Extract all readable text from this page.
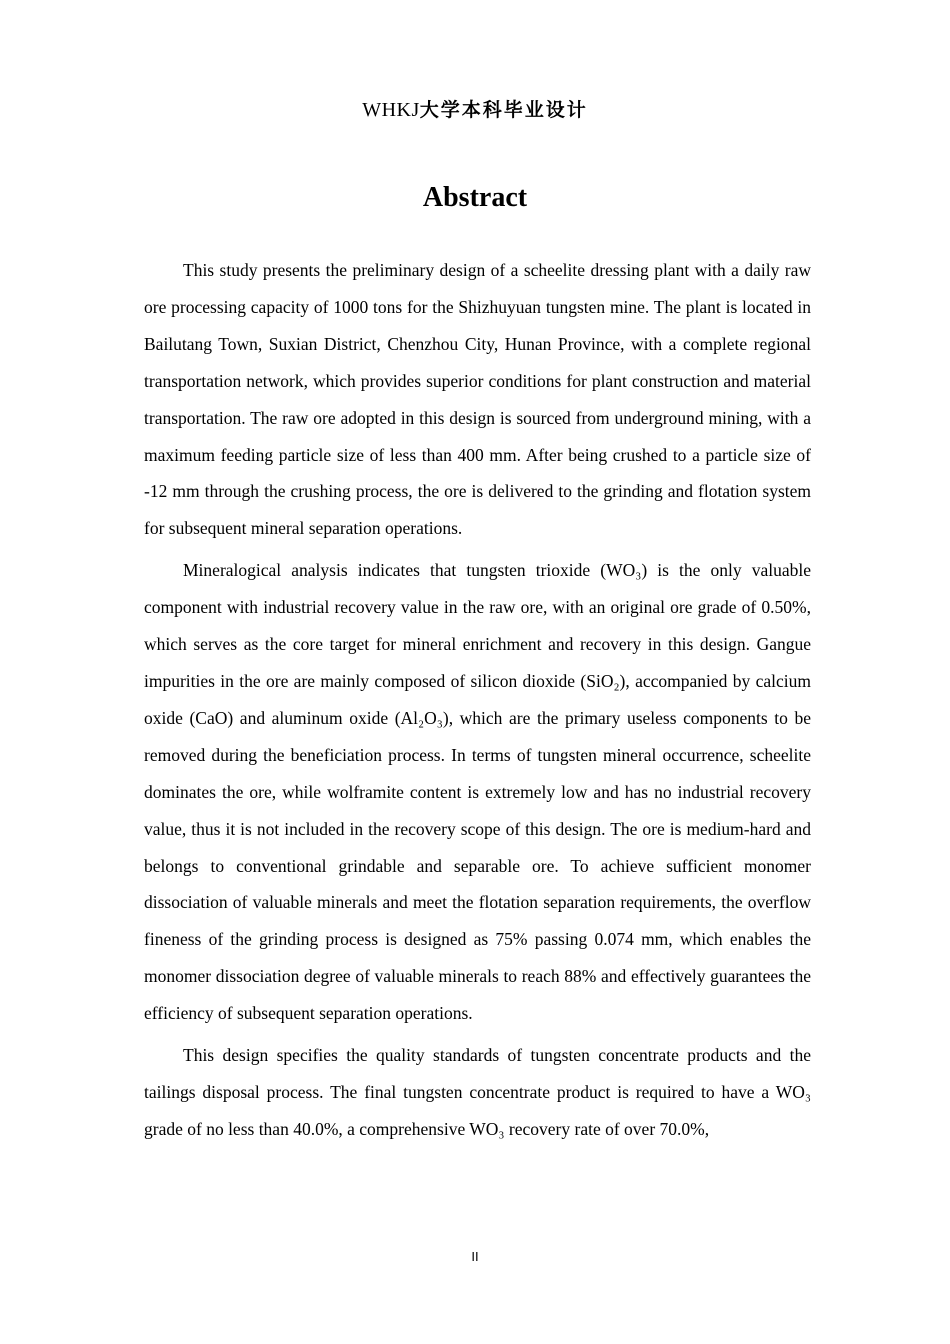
WHKJ大学本科毕业设计
Abstract

This study presents the preliminary design of a scheelite dressing plant with a daily raw ore processing capacity of 1000 tons for the Shizhuyuan tungsten mine. The plant is located in Bailutang Town, Suxian District, Chenzhou City, Hunan Province, with a complete regional transportation network, which provides superior conditions for plant construction and material transportation. The raw ore adopted in this design is sourced from underground mining, with a maximum feeding particle size of less than 400 mm. After being crushed to a particle size of -12 mm through the crushing process, the ore is delivered to the grinding and flotation system for subsequent mineral separation operations.

Mineralogical analysis indicates that tungsten trioxide (WO₃) is the only valuable component with industrial recovery value in the raw ore, with an original ore grade of 0.50%, which serves as the core target for mineral enrichment and recovery in this design. Gangue impurities in the ore are mainly composed of silicon dioxide (SiO₂), accompanied by calcium oxide (CaO) and aluminum oxide (Al₂O₃), which are the primary useless components to be removed during the beneficiation process. In terms of tungsten mineral occurrence, scheelite dominates the ore, while wolframite content is extremely low and has no industrial recovery value, thus it is not included in the recovery scope of this design. The ore is medium-hard and belongs to conventional grindable and separable ore. To achieve sufficient monomer dissociation of valuable minerals and meet the flotation separation requirements, the overflow fineness of the grinding process is designed as 75% passing 0.074 mm, which enables the monomer dissociation degree of valuable minerals to reach 88% and effectively guarantees the efficiency of subsequent separation operations.

This design specifies the quality standards of tungsten concentrate products and the tailings disposal process. The final tungsten concentrate product is required to have a WO₃ grade of no less than 40.0%, a comprehensive WO₃ recovery rate of over 70.0%,

II
